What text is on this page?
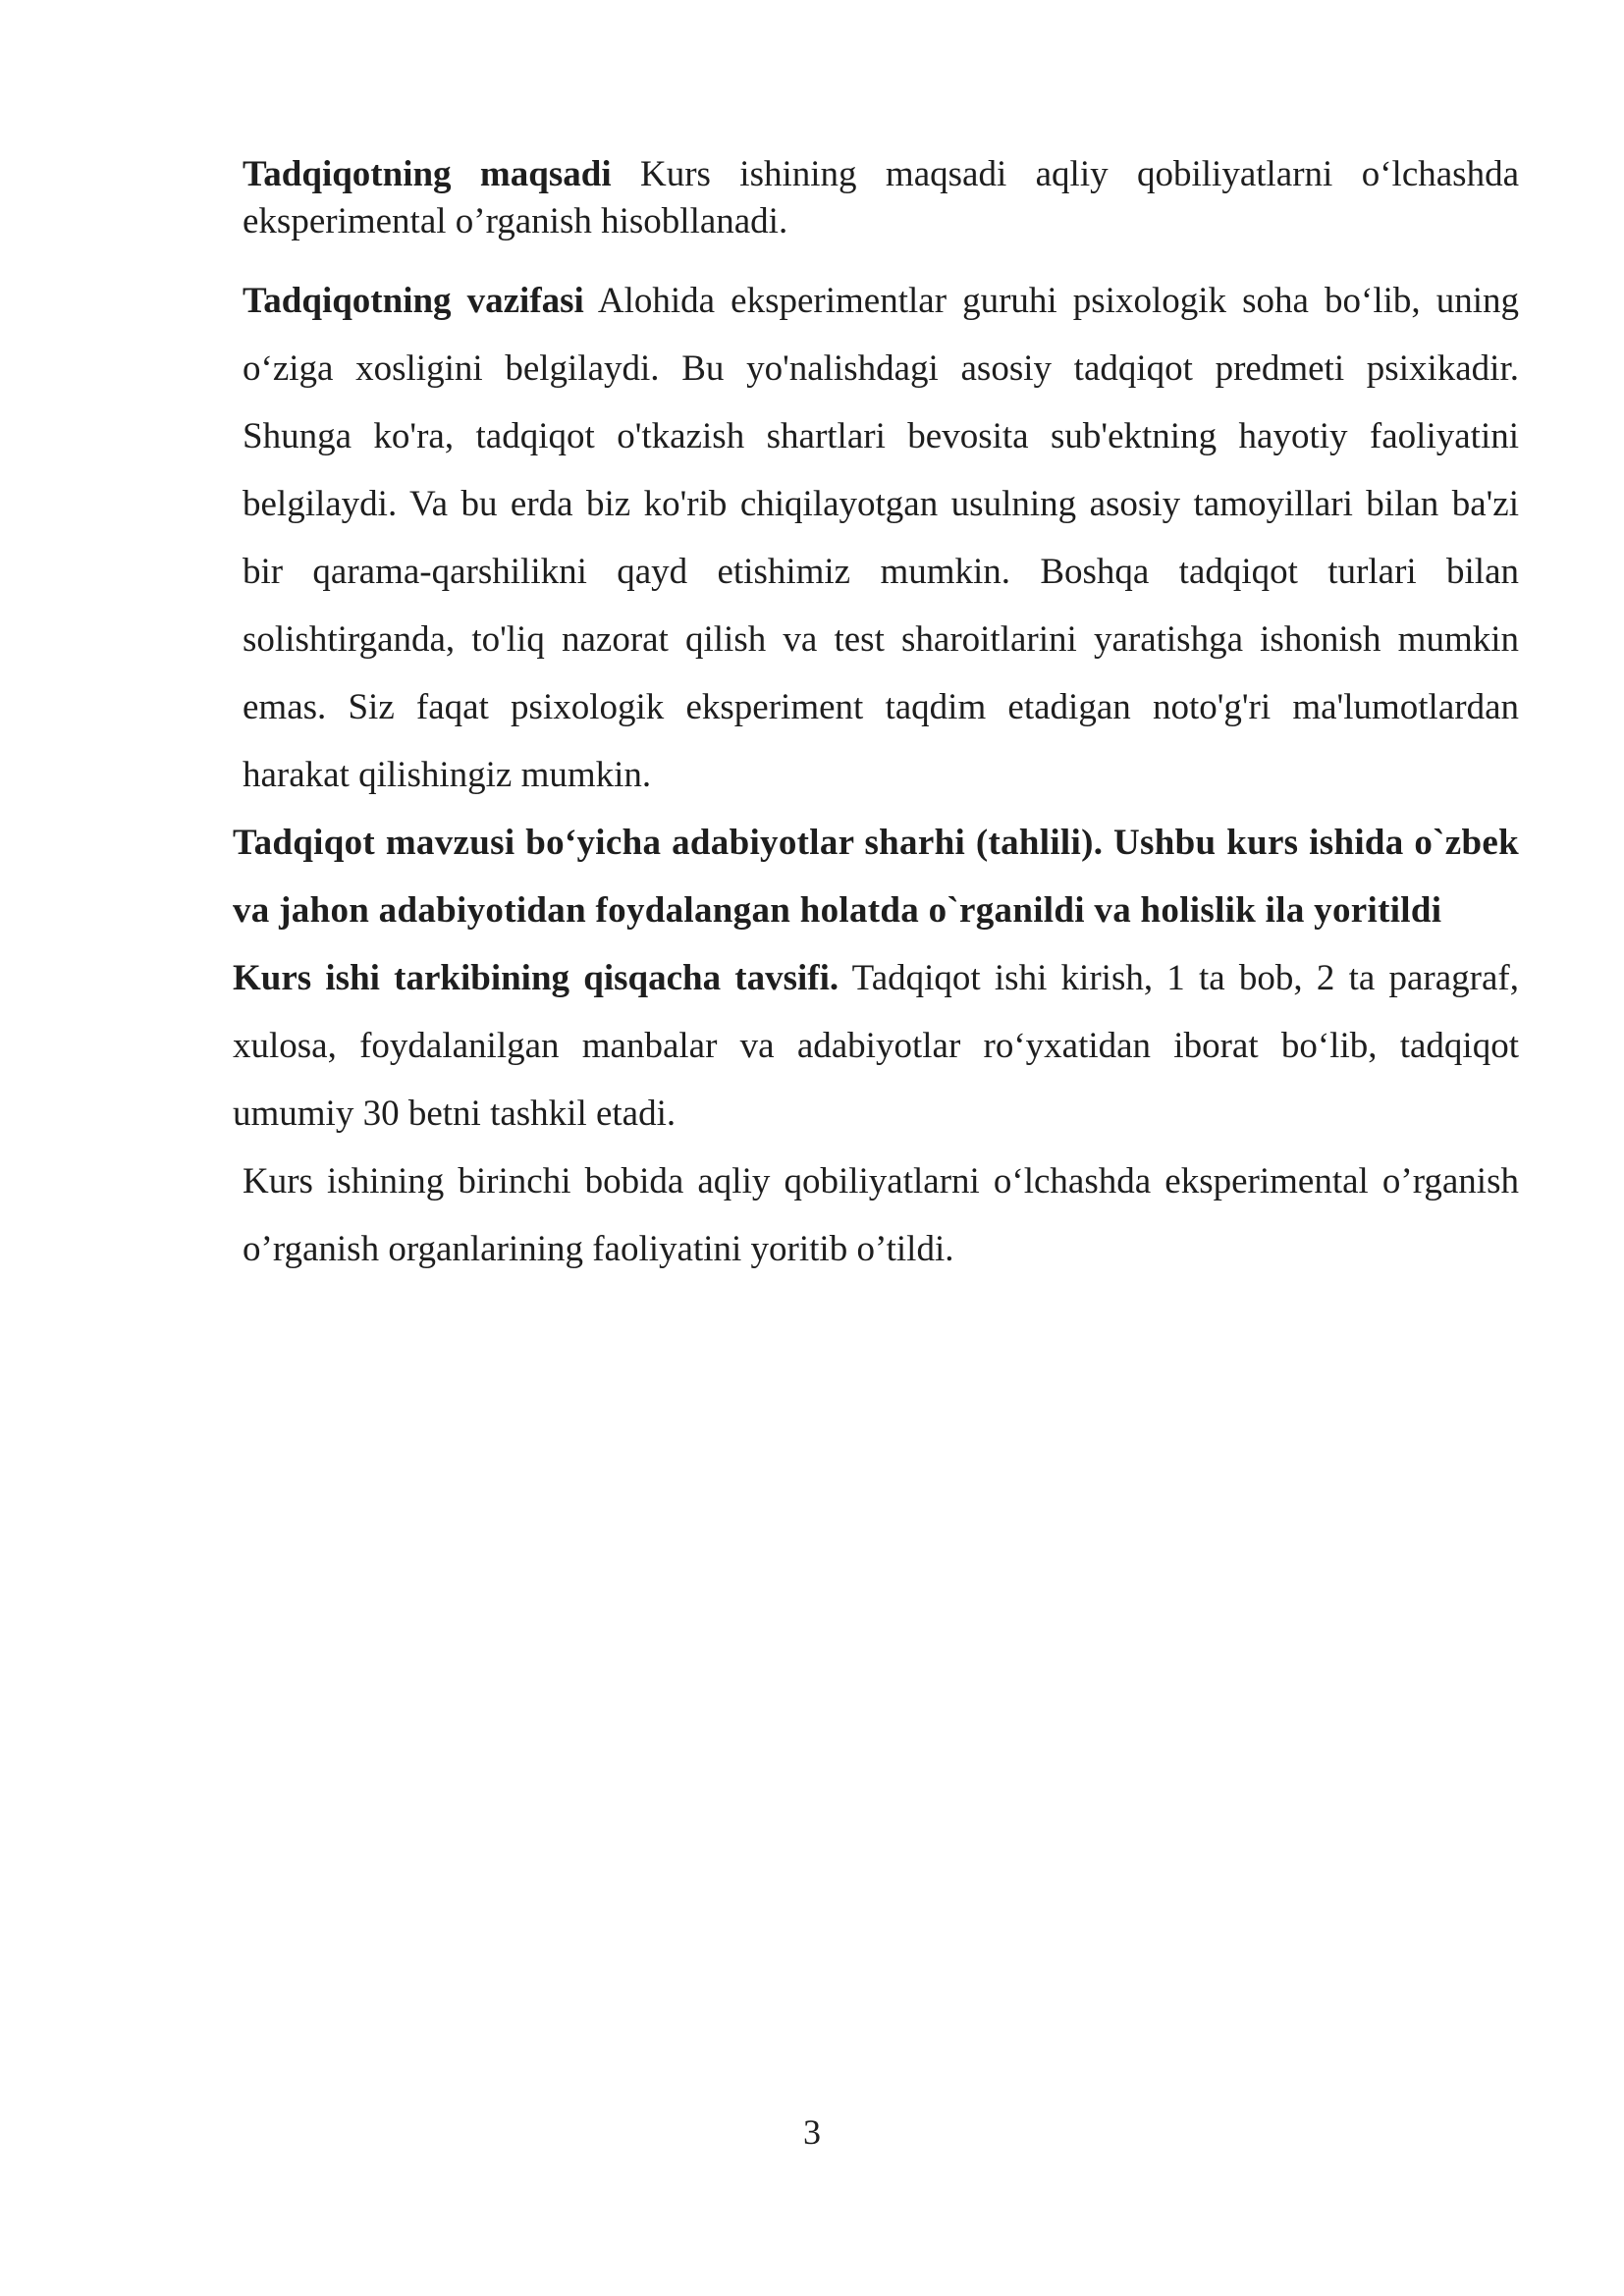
Tadqiqotning maqsadi Kurs ishining maqsadi aqliy qobiliyatlarni o‘lchashda eksperimental o’rganish hisobllanadi.

Tadqiqotning vazifasi Alohida eksperimentlar guruhi psixologik soha bo‘lib, uning o‘ziga xosligini belgilaydi. Bu yo'nalishdagi asosiy tadqiqot predmeti psixikadir. Shunga ko'ra, tadqiqot o'tkazish shartlari bevosita sub'ektning hayotiy faoliyatini belgilaydi. Va bu erda biz ko'rib chiqilayotgan usulning asosiy tamoyillari bilan ba'zi bir qarama-qarshilikni qayd etishimiz mumkin. Boshqa tadqiqot turlari bilan solishtirganda, to'liq nazorat qilish va test sharoitlarini yaratishga ishonish mumkin emas. Siz faqat psixologik eksperiment taqdim etadigan noto'g'ri ma'lumotlardan harakat qilishingiz mumkin.

Tadqiqot mavzusi bo‘yicha adabiyotlar sharhi (tahlili). Ushbu kurs ishida o`zbek va jahon adabiyotidan foydalangan holatda o`rganildi va holislik ila yoritildi

Kurs ishi tarkibining qisqacha tavsifi. Tadqiqot ishi kirish, 1 ta bob, 2 ta paragraf, xulosa, foydalanilgan manbalar va adabiyotlar ro‘yxatidan iborat bo‘lib, tadqiqot umumiy 30 betni tashkil etadi.

Kurs ishining birinchi bobida aqliy qobiliyatlarni o‘lchashda eksperimental o’rganish o’rganish organlarining faoliyatini yoritib o’tildi.

3
